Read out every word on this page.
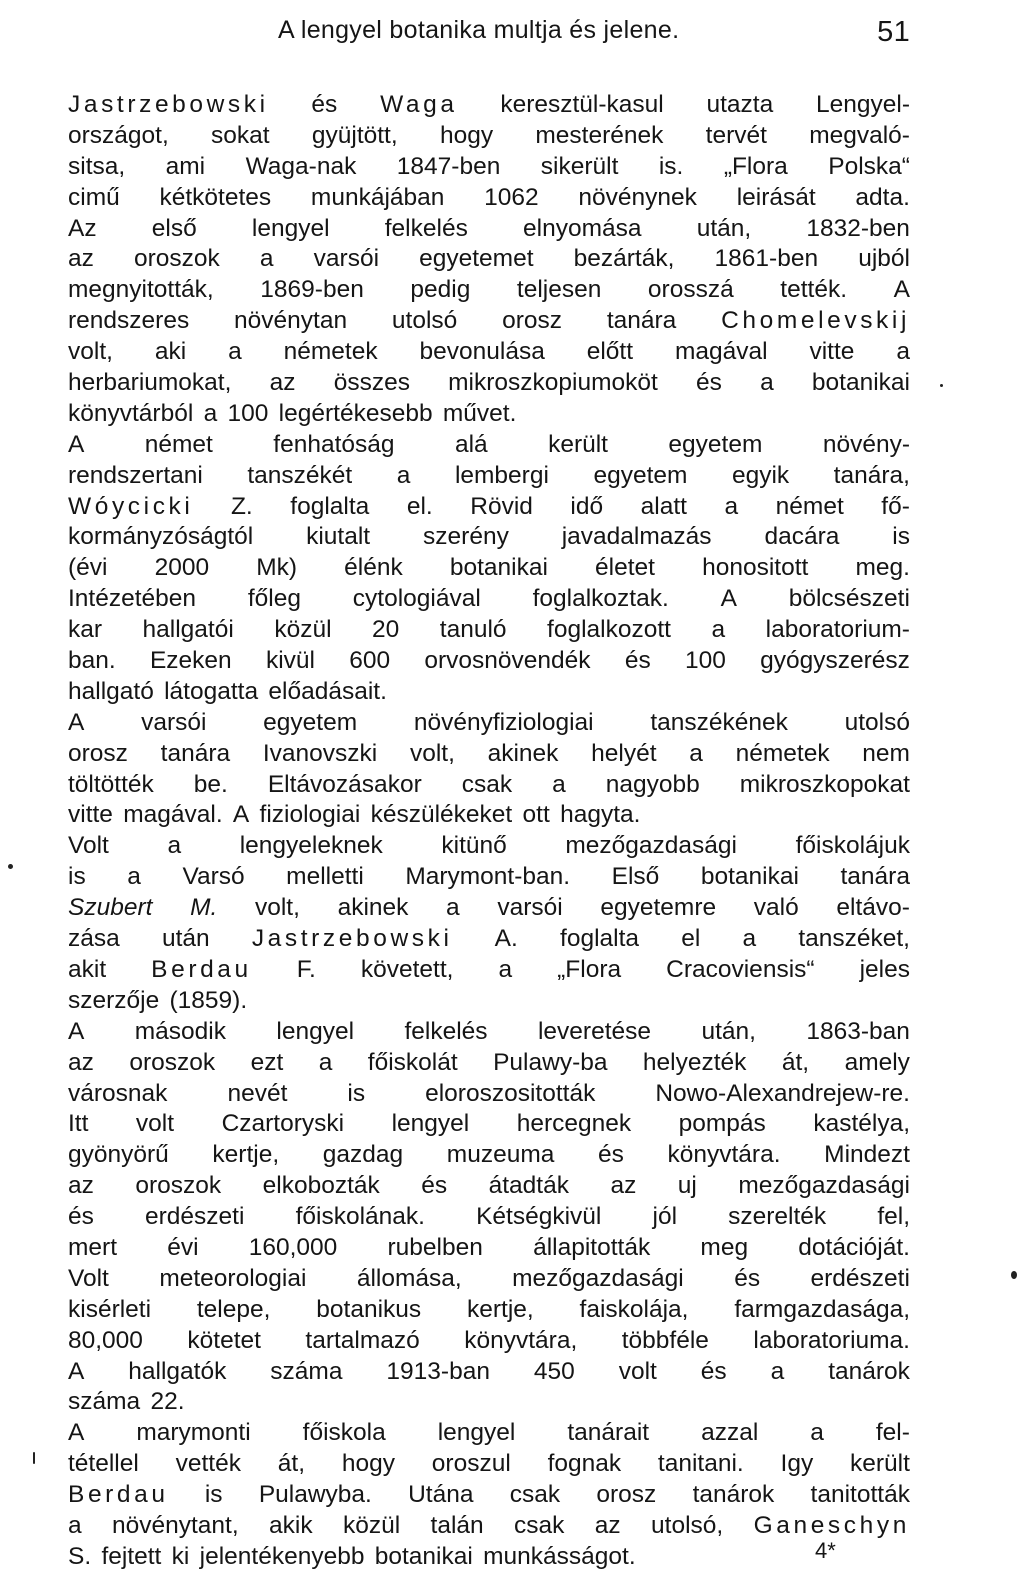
A lengyel botanika multja és jelene.	51
Jastrzebowski és Waga keresztül-kasul utazta Lengyel-
országot, sokat gyüjtött, hogy mesterének tervét megvaló-
sitsa, ami Waga-nak 1847-ben sikerült is. „Flora Polska“
cimű kétkötetes munkájában 1062 növénynek leirását adta.
Az első lengyel felkelés elnyomása után, 1832-ben
az oroszok a varsói egyetemet bezárták, 1861-ben ujból
megnyitották, 1869-ben pedig teljesen orosszá tették. A
rendszeres növénytan utolsó orosz tanára Chomelevskij
volt, aki a németek bevonulása előtt magával vitte a
herbariumokat, az összes mikroszkopiumoköt és a botanikai
könyvtárból a 100 legértékesebb művet.
A német fenhatóság alá került egyetem növény-
rendszertani tanszékét a lembergi egyetem egyik tanára,
Wóycicki Z. foglalta el. Rövid idő alatt a német fő-
kormányzóságtól kiutalt szerény javadalmazás dacára is
(évi 2000 Mk) élénk botanikai életet honositott meg.
Intézetében főleg cytologiával foglalkoztak. A bölcsészeti
kar hallgatói közül 20 tanuló foglalkozott a laboratorium-
ban. Ezeken kivül 600 orvosnövendék és 100 gyógyszerész
hallgató látogatta előadásait.
A varsói egyetem növényfiziologiai tanszékének utolsó
orosz tanára Ivanovszki volt, akinek helyét a németek nem
töltötték be. Eltávozásakor csak a nagyobb mikroszkopokat
vitte magával. A fiziologiai készülékeket ott hagyta.
Volt a lengyeleknek kitünő mezőgazdasági főiskolájuk
is a Varsó melletti Marymont-ban. Első botanikai tanára
Szubert M. volt, akinek a varsói egyetemre való eltávo-
zása után Jastrzebowski A. foglalta el a tanszéket,
akit Berdau F. követett, a „Flora Cracoviensis“ jeles
szerzője (1859).
A második lengyel felkelés leveretése után, 1863-ban
az oroszok ezt a főiskolát Pulawy-ba helyezték át, amely
városnak nevét is eloroszositották Nowo-Alexandrejew-re.
Itt volt Czartoryski lengyel hercegnek pompás kastélya,
gyönyörű kertje, gazdag muzeuma és könyvtára. Mindezt
az oroszok elkobozták és átadták az uj mezőgazdasági
és erdészeti főiskolának. Kétségkivül jól szerelték fel,
mert évi 160,000 rubelben állapitották meg dotációját.
Volt meteorologiai állomása, mezőgazdasági és erdészeti
kisérleti telepe, botanikus kertje, faiskolája, farmgazdasága,
80,000 kötetet tartalmazó könyvtára, többféle laboratoriuma.
A hallgatók száma 1913-ban 450 volt és a tanárok
száma 22.
A marymonti főiskola lengyel tanárait azzal a fel-
tétellel vették át, hogy oroszul fognak tanitani. Igy került
Berdau is Pulawyba. Utána csak orosz tanárok tanitották
a növénytant, akik közül talán csak az utolsó, Ganeschyn
S. fejtett ki jelentékenyebb botanikai munkásságot.	4*
